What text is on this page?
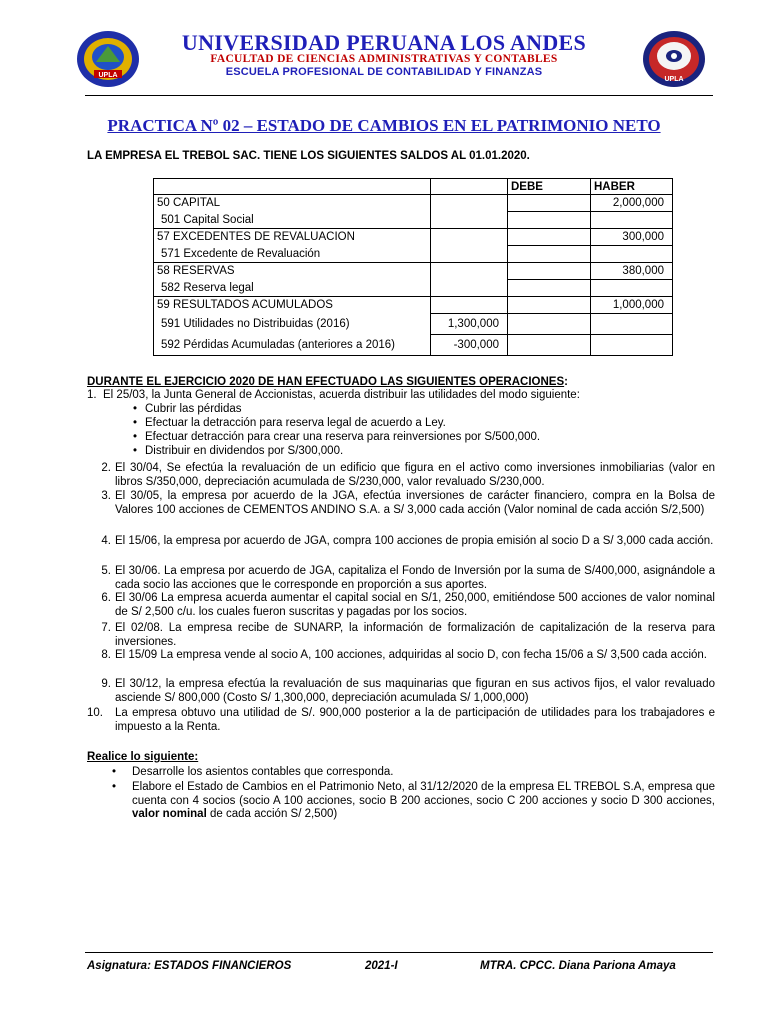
UPLA
UPLA
UNIVERSIDAD PERUANA LOS ANDES
FACULTAD DE CIENCIAS ADMINISTRATIVAS Y CONTABLES
ESCUELA PROFESIONAL DE CONTABILIDAD Y FINANZAS
PRACTICA Nº 02 – ESTADO DE CAMBIOS EN EL PATRIMONIO NETO
LA EMPRESA EL TREBOL SAC. TIENE LOS SIGUIENTES SALDOS AL 01.01.2020.
		DEBE	HABER
50 CAPITAL			2,000,000
501 Capital Social			
57 EXCEDENTES DE REVALUACION			300,000
571 Excedente de Revaluación			
58 RESERVAS			380,000
582 Reserva legal			
59 RESULTADOS ACUMULADOS			1,000,000
591 Utilidades no Distribuidas (2016)	1,300,000		
592 Pérdidas Acumuladas (anteriores a 2016)	-300,000		
DURANTE EL EJERCICIO 2020 DE HAN EFECTUADO LAS SIGUIENTES OPERACIONES:
1. El 25/03, la Junta General de Accionistas, acuerda distribuir las utilidades del modo siguiente:
• Cubrir las pérdidas
• Efectuar la detracción para reserva legal de acuerdo a Ley.
• Efectuar detracción para crear una reserva para reinversiones por S/500,000.
• Distribuir en dividendos por S/300,000.
2. El 30/04, Se efectúa la revaluación de un edificio que figura en el activo como inversiones inmobiliarias (valor en libros S/350,000, depreciación acumulada de S/230,000, valor revaluado S/230,000.
3. El 30/05, la empresa por acuerdo de la JGA, efectúa inversiones de carácter financiero, compra en la Bolsa de Valores 100 acciones de CEMENTOS ANDINO S.A. a S/ 3,000 cada acción (Valor nominal de cada acción S/2,500)
4. El 15/06, la empresa por acuerdo de JGA, compra 100 acciones de propia emisión al socio D a S/ 3,000 cada acción.
5. El 30/06. La empresa por acuerdo de JGA, capitaliza el Fondo de Inversión por la suma de S/400,000, asignándole a cada socio las acciones que le corresponde en proporción a sus aportes.
6. El 30/06 La empresa acuerda aumentar el capital social en S/1, 250,000, emitiéndose 500 acciones de valor nominal de S/ 2,500 c/u. los cuales fueron suscritas y pagadas por los socios.
7. El 02/08. La empresa recibe de SUNARP, la información de formalización de capitalización de la reserva para inversiones.
8. El 15/09 La empresa vende al socio A, 100 acciones, adquiridas al socio D, con fecha 15/06 a S/ 3,500 cada acción.
9. El 30/12, la empresa efectúa la revaluación de sus maquinarias que figuran en sus activos fijos, el valor revaluado asciende S/ 800,000 (Costo S/ 1,300,000, depreciación acumulada S/ 1,000,000)
10.	La empresa obtuvo una utilidad de S/. 900,000 posterior a la de participación de utilidades para los trabajadores e impuesto a la Renta.
Realice lo siguiente:
• Desarrolle los asientos contables que corresponda.
• Elabore el Estado de Cambios en el Patrimonio Neto, al 31/12/2020 de la empresa EL TREBOL S.A, empresa que cuenta con 4 socios (socio A 100 acciones, socio B 200 acciones, socio C 200 acciones y socio D 300 acciones, valor nominal de cada acción S/ 2,500)
Asignatura: ESTADOS FINANCIEROS	2021-I	MTRA. CPCC. Diana Pariona Amaya
